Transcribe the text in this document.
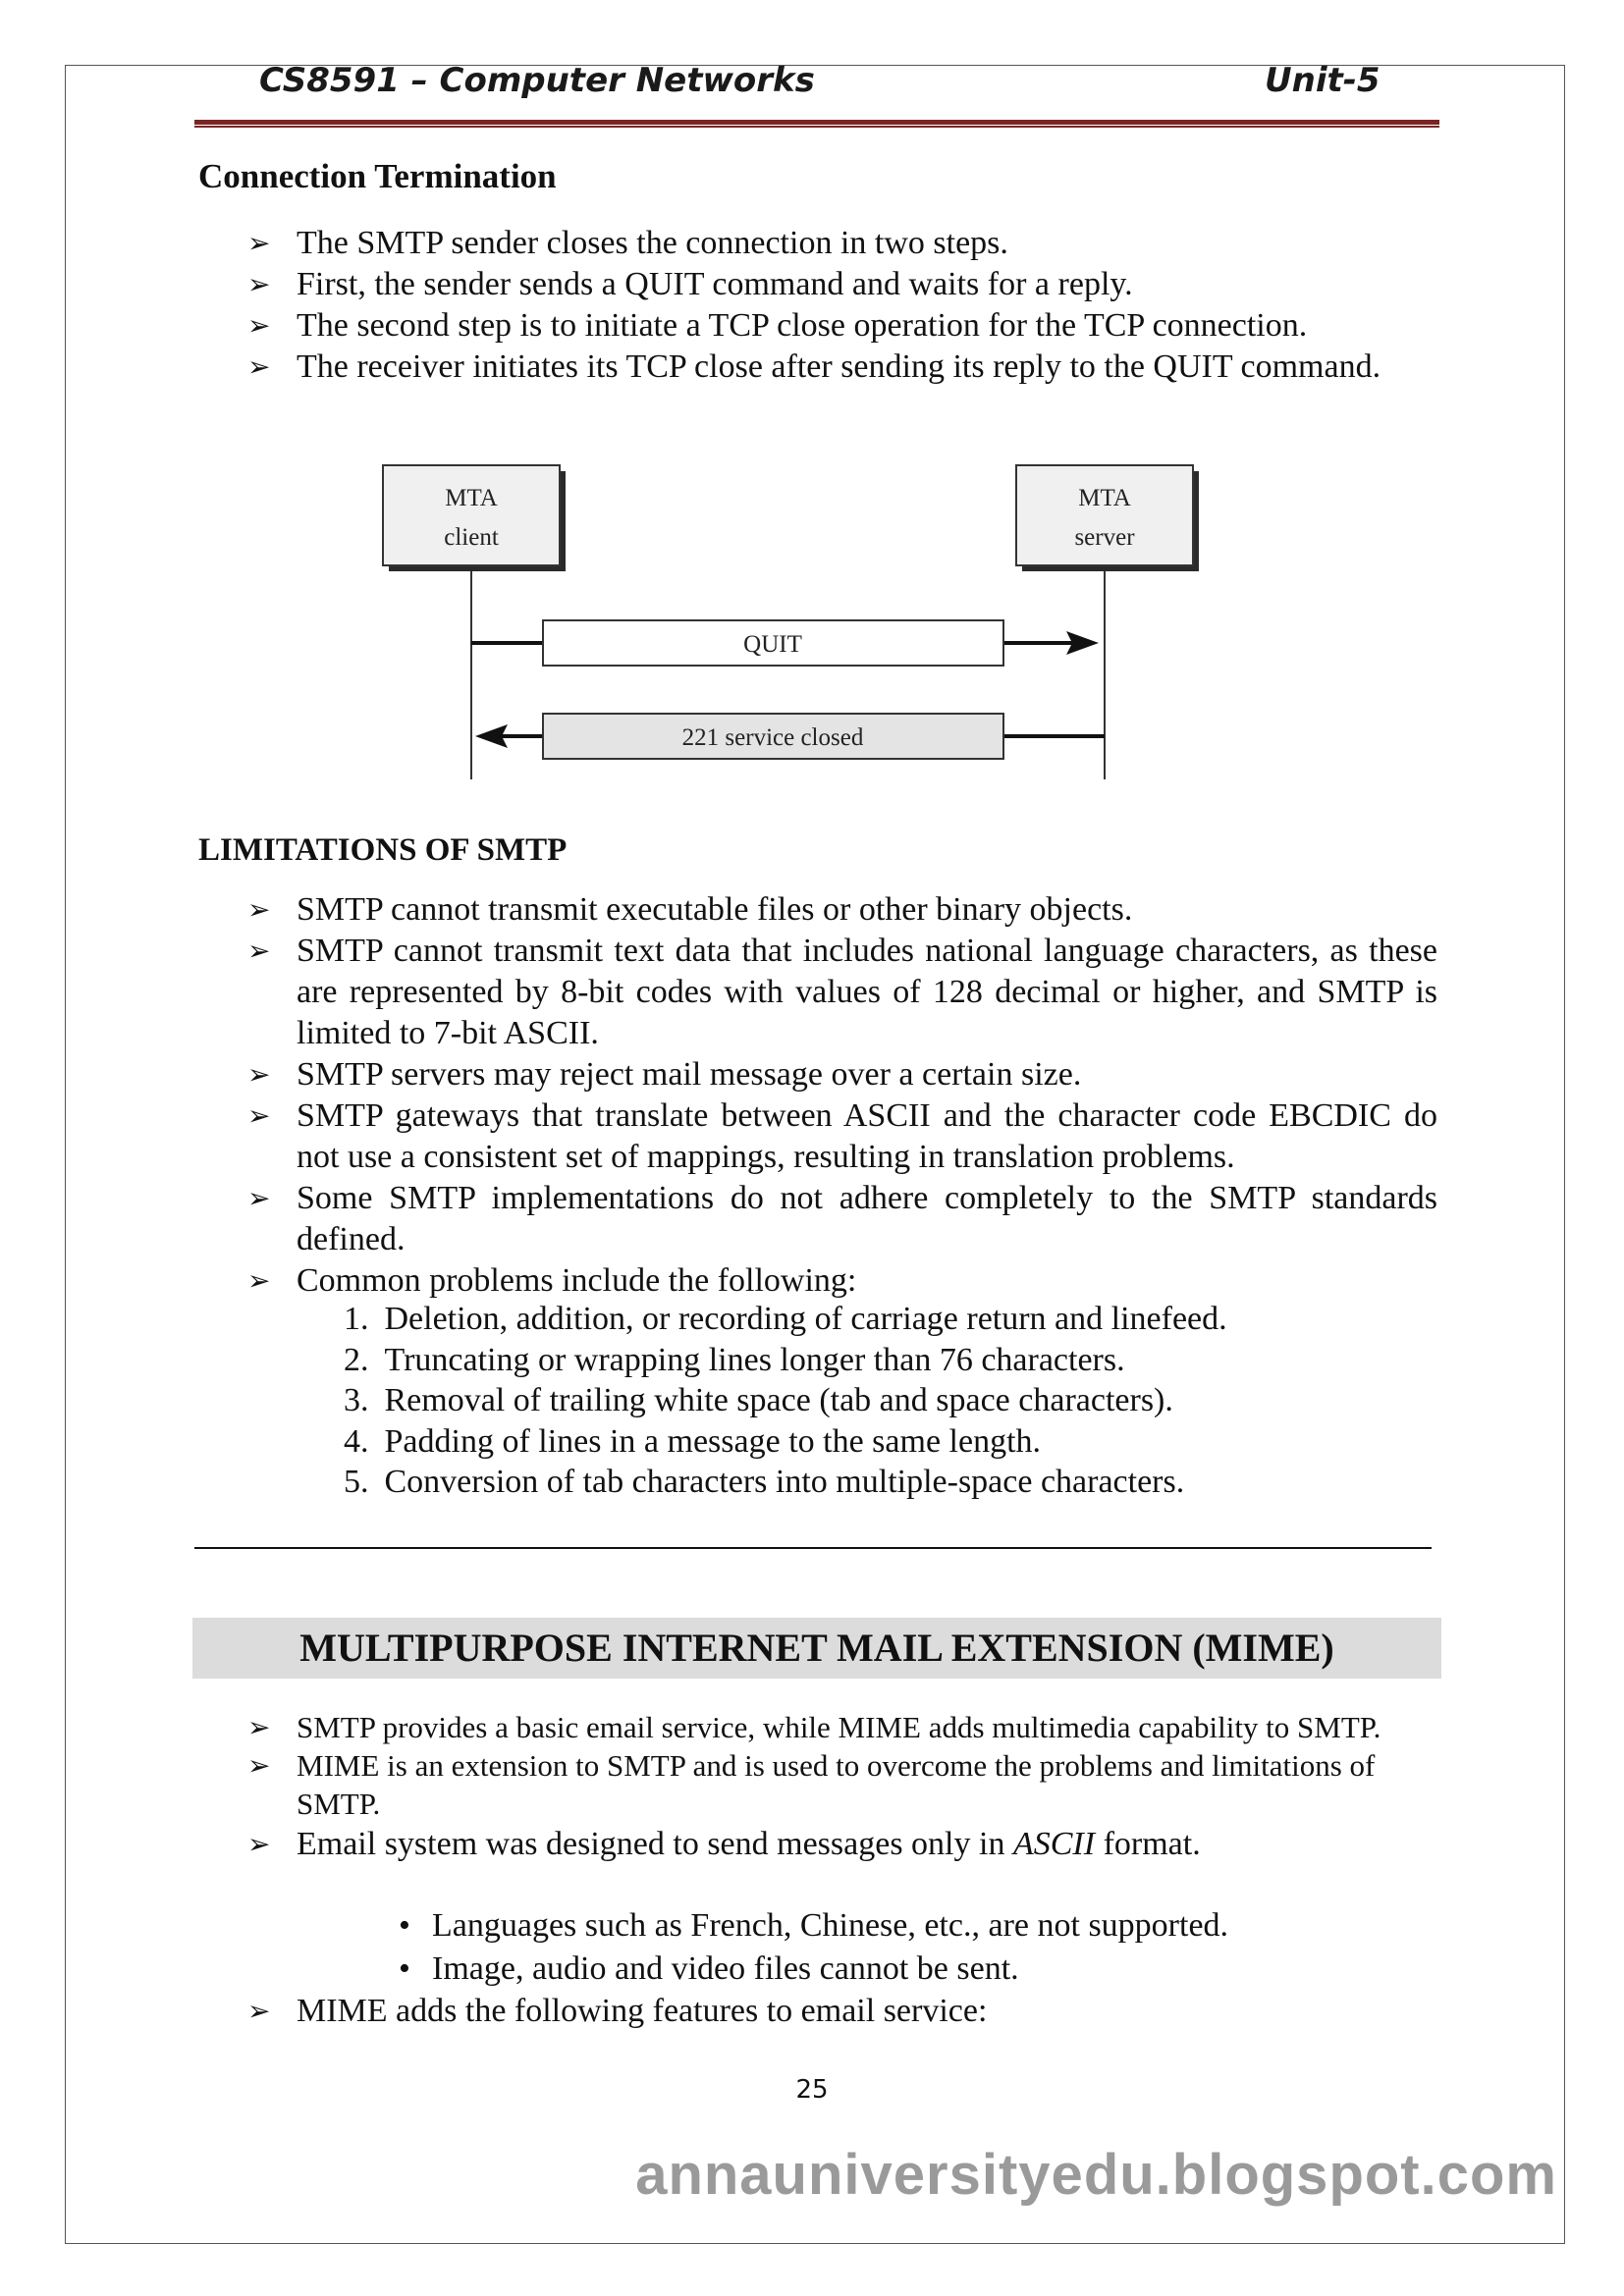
CS8591 – Computer Networks	Unit-5
Connection Termination
➢ The SMTP sender closes the connection in two steps.
➢ First, the sender sends a QUIT command and waits for a reply.
➢ The second step is to initiate a TCP close operation for the TCP connection.
➢ The receiver initiates its TCP close after sending its reply to the QUIT command.
MTA
client
MTA
server
QUIT
221 service closed
LIMITATIONS OF SMTP
➢ SMTP cannot transmit executable files or other binary objects.
➢ SMTP cannot transmit text data that includes national language characters, as these are represented by 8-bit codes with values of 128 decimal or higher, and SMTP is limited to 7-bit ASCII.
➢ SMTP servers may reject mail message over a certain size.
➢ SMTP gateways that translate between ASCII and the character code EBCDIC do not use a consistent set of mappings, resulting in translation problems.
➢ Some SMTP implementations do not adhere completely to the SMTP standards defined.
➢ Common problems include the following:
1. Deletion, addition, or recording of carriage return and linefeed.
2. Truncating or wrapping lines longer than 76 characters.
3. Removal of trailing white space (tab and space characters).
4. Padding of lines in a message to the same length.
5. Conversion of tab characters into multiple-space characters.
MULTIPURPOSE INTERNET MAIL EXTENSION (MIME)
➢ SMTP provides a basic email service, while MIME adds multimedia capability to SMTP.
➢ MIME is an extension to SMTP and is used to overcome the problems and limitations of SMTP.
➢ Email system was designed to send messages only in ASCII format.
• Languages such as French, Chinese, etc., are not supported.
• Image, audio and video files cannot be sent.
➢ MIME adds the following features to email service:
25
annauniversityedu.blogspot.com
